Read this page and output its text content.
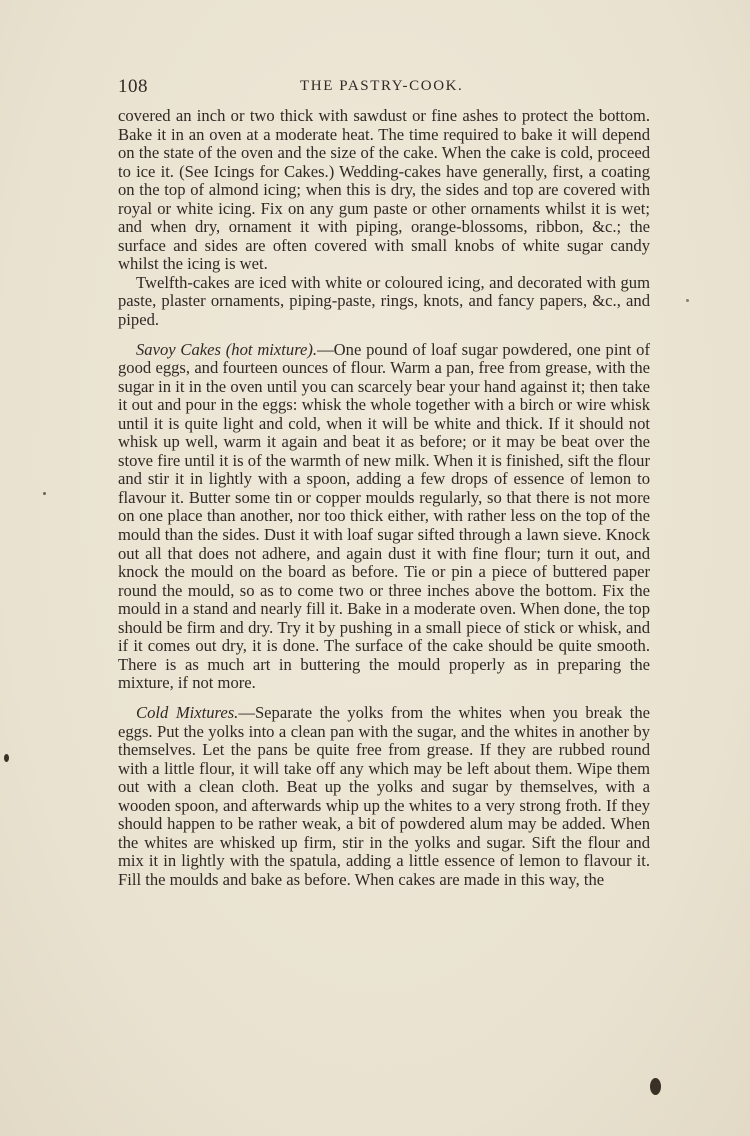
108	THE PASTRY-COOK.

covered an inch or two thick with sawdust or fine ashes to protect the bottom. Bake it in an oven at a moderate heat. The time required to bake it will depend on the state of the oven and the size of the cake. When the cake is cold, proceed to ice it. (See Icings for Cakes.) Wedding-cakes have generally, first, a coating on the top of almond icing; when this is dry, the sides and top are covered with royal or white icing. Fix on any gum paste or other ornaments whilst it is wet; and when dry, ornament it with piping, orange-blossoms, ribbon, &c.; the surface and sides are often covered with small knobs of white sugar candy whilst the icing is wet.

Twelfth-cakes are iced with white or coloured icing, and decorated with gum paste, plaster ornaments, piping-paste, rings, knots, and fancy papers, &c., and piped.

Savoy Cakes (hot mixture).—One pound of loaf sugar powdered, one pint of good eggs, and fourteen ounces of flour. Warm a pan, free from grease, with the sugar in it in the oven until you can scarcely bear your hand against it; then take it out and pour in the eggs: whisk the whole together with a birch or wire whisk until it is quite light and cold, when it will be white and thick. If it should not whisk up well, warm it again and beat it as before; or it may be beat over the stove fire until it is of the warmth of new milk. When it is finished, sift the flour and stir it in lightly with a spoon, adding a few drops of essence of lemon to flavour it. Butter some tin or copper moulds regularly, so that there is not more on one place than another, nor too thick either, with rather less on the top of the mould than the sides. Dust it with loaf sugar sifted through a lawn sieve. Knock out all that does not adhere, and again dust it with fine flour; turn it out, and knock the mould on the board as before. Tie or pin a piece of buttered paper round the mould, so as to come two or three inches above the bottom. Fix the mould in a stand and nearly fill it. Bake in a moderate oven. When done, the top should be firm and dry. Try it by pushing in a small piece of stick or whisk, and if it comes out dry, it is done. The surface of the cake should be quite smooth. There is as much art in buttering the mould properly as in preparing the mixture, if not more.

Cold Mixtures.—Separate the yolks from the whites when you break the eggs. Put the yolks into a clean pan with the sugar, and the whites in another by themselves. Let the pans be quite free from grease. If they are rubbed round with a little flour, it will take off any which may be left about them. Wipe them out with a clean cloth. Beat up the yolks and sugar by themselves, with a wooden spoon, and afterwards whip up the whites to a very strong froth. If they should happen to be rather weak, a bit of powdered alum may be added. When the whites are whisked up firm, stir in the yolks and sugar. Sift the flour and mix it in lightly with the spatula, adding a little essence of lemon to flavour it. Fill the moulds and bake as before. When cakes are made in this way, the
